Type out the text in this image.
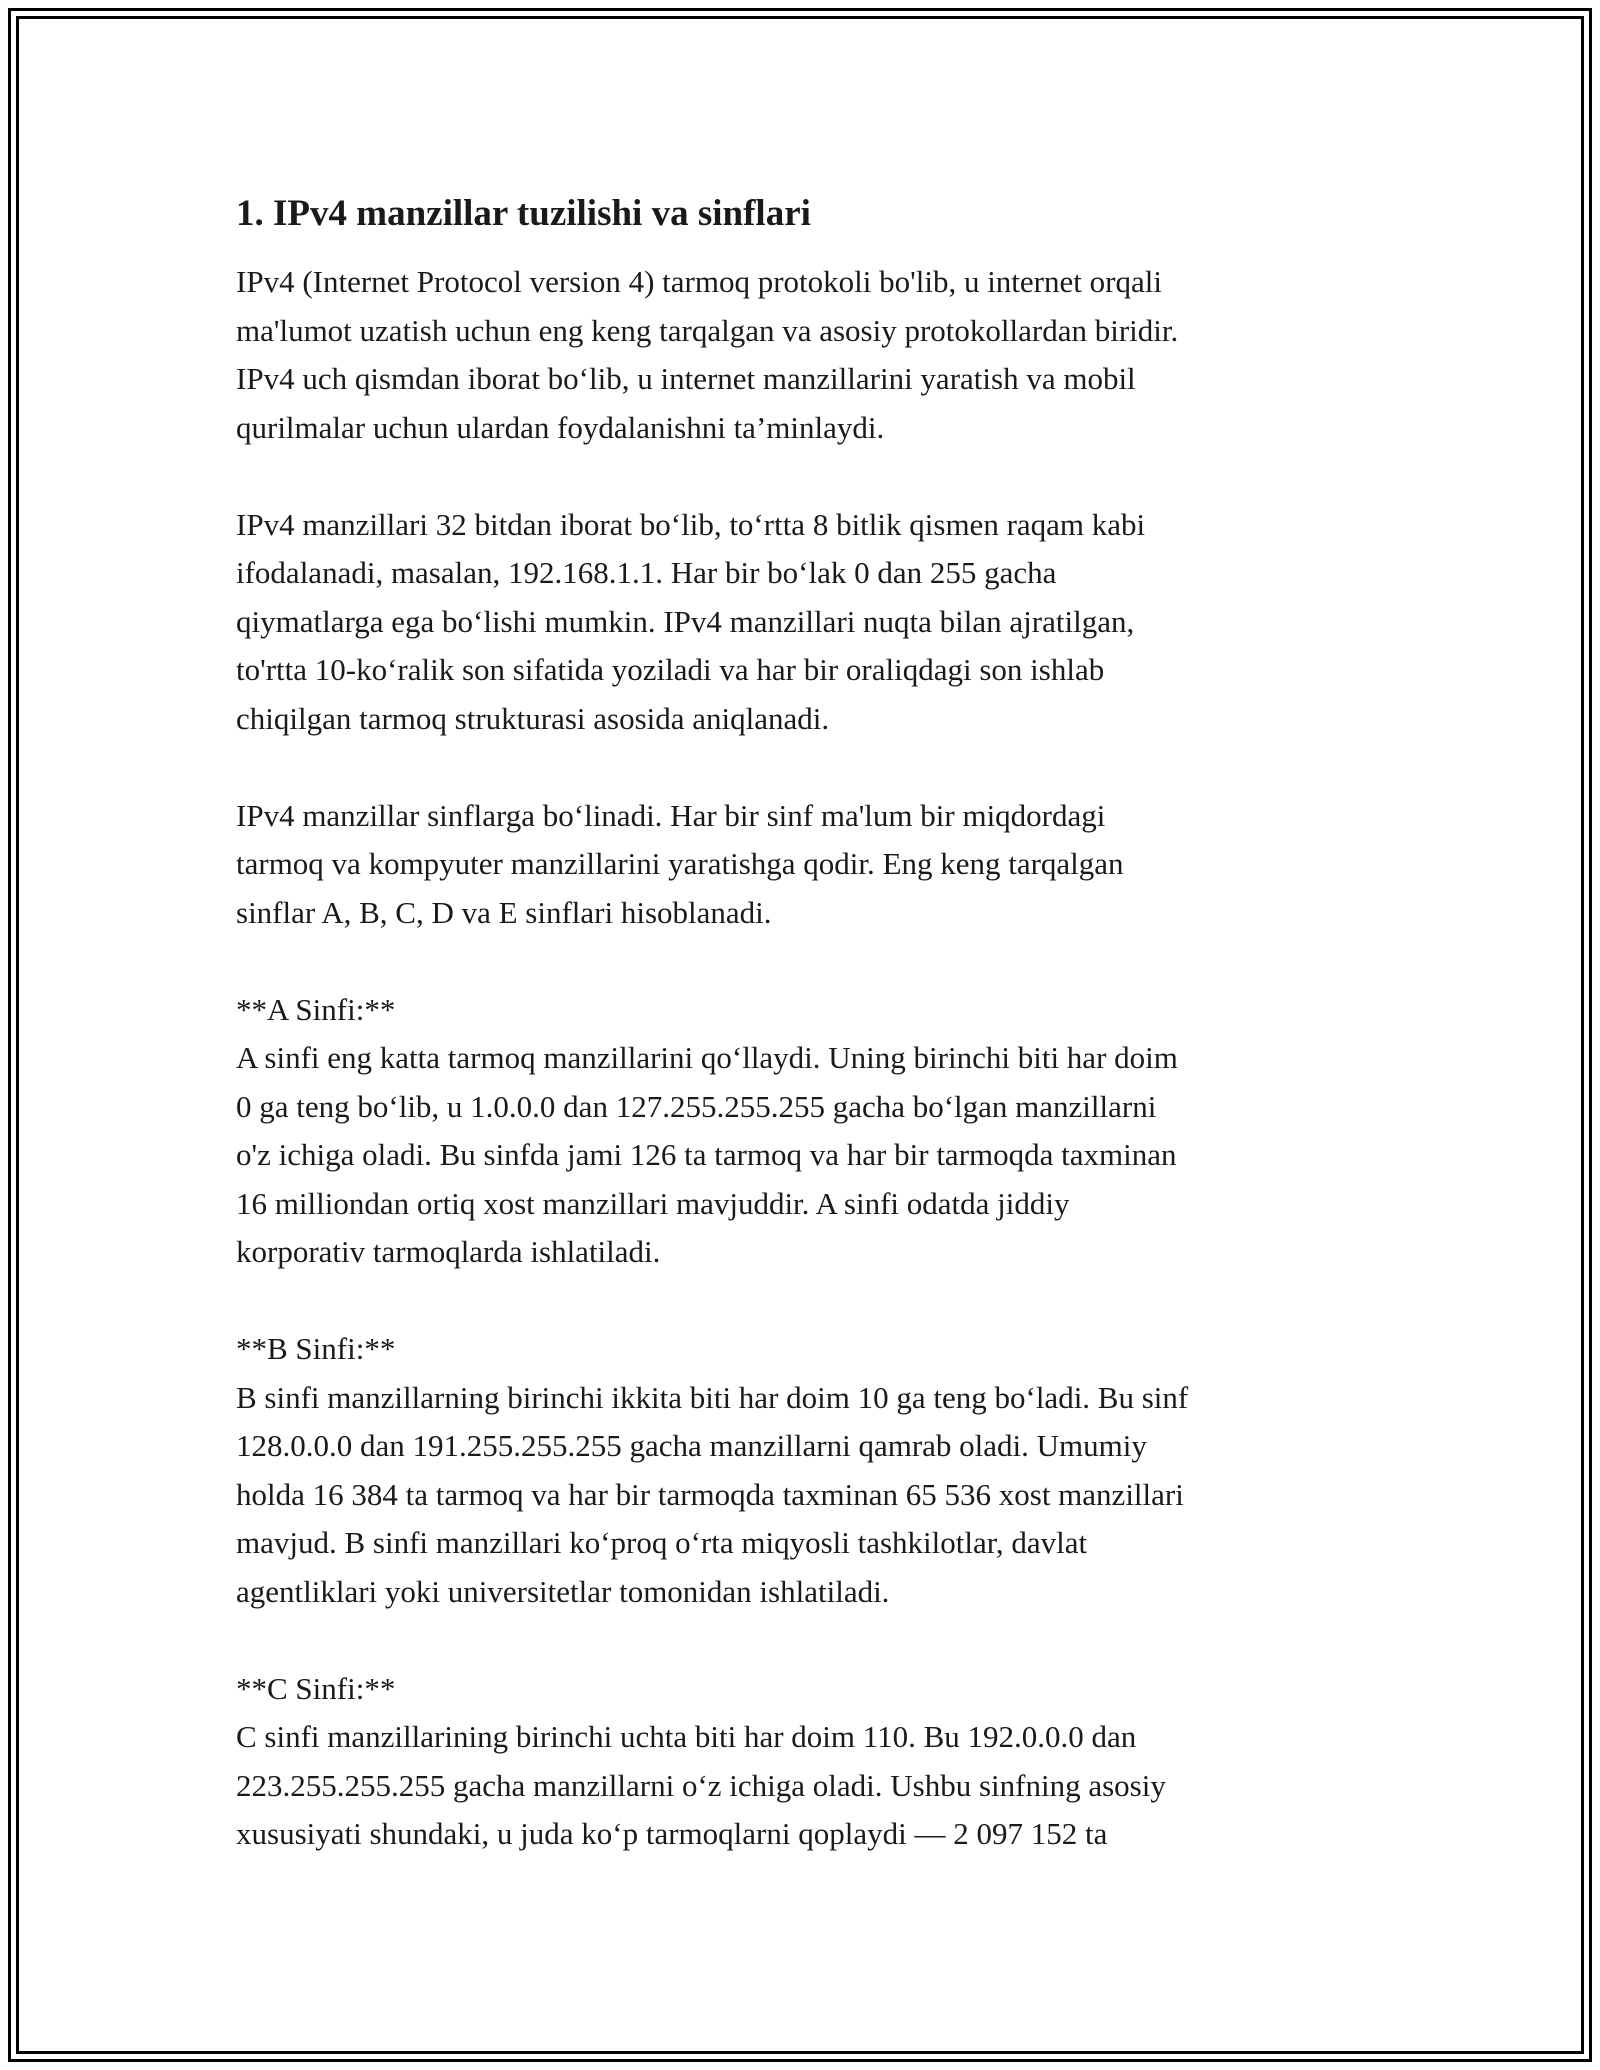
1. IPv4 manzillar tuzilishi va sinflari

IPv4 (Internet Protocol version 4) tarmoq protokoli bo'lib, u internet orqali
ma'lumot uzatish uchun eng keng tarqalgan va asosiy protokollardan biridir.
IPv4 uch qismdan iborat bo‘lib, u internet manzillarini yaratish va mobil
qurilmalar uchun ulardan foydalanishni ta’minlaydi.

IPv4 manzillari 32 bitdan iborat bo‘lib, to‘rtta 8 bitlik qismen raqam kabi
ifodalanadi, masalan, 192.168.1.1. Har bir bo‘lak 0 dan 255 gacha
qiymatlarga ega bo‘lishi mumkin. IPv4 manzillari nuqta bilan ajratilgan,
to'rtta 10-ko‘ralik son sifatida yoziladi va har bir oraliqdagi son ishlab
chiqilgan tarmoq strukturasi asosida aniqlanadi.

IPv4 manzillar sinflarga bo‘linadi. Har bir sinf ma'lum bir miqdordagi
tarmoq va kompyuter manzillarini yaratishga qodir. Eng keng tarqalgan
sinflar A, B, C, D va E sinflari hisoblanadi.

**A Sinfi:**
A sinfi eng katta tarmoq manzillarini qo‘llaydi. Uning birinchi biti har doim
0 ga teng bo‘lib, u 1.0.0.0 dan 127.255.255.255 gacha bo‘lgan manzillarni
o'z ichiga oladi. Bu sinfda jami 126 ta tarmoq va har bir tarmoqda taxminan
16 milliondan ortiq xost manzillari mavjuddir. A sinfi odatda jiddiy
korporativ tarmoqlarda ishlatiladi.

**B Sinfi:**
B sinfi manzillarning birinchi ikkita biti har doim 10 ga teng bo‘ladi. Bu sinf
128.0.0.0 dan 191.255.255.255 gacha manzillarni qamrab oladi. Umumiy
holda 16 384 ta tarmoq va har bir tarmoqda taxminan 65 536 xost manzillari
mavjud. B sinfi manzillari ko‘proq o‘rta miqyosli tashkilotlar, davlat
agentliklari yoki universitetlar tomonidan ishlatiladi.

**C Sinfi:**
C sinfi manzillarining birinchi uchta biti har doim 110. Bu 192.0.0.0 dan
223.255.255.255 gacha manzillarni o‘z ichiga oladi. Ushbu sinfning asosiy
xususiyati shundaki, u juda ko‘p tarmoqlarni qoplaydi — 2 097 152 ta
